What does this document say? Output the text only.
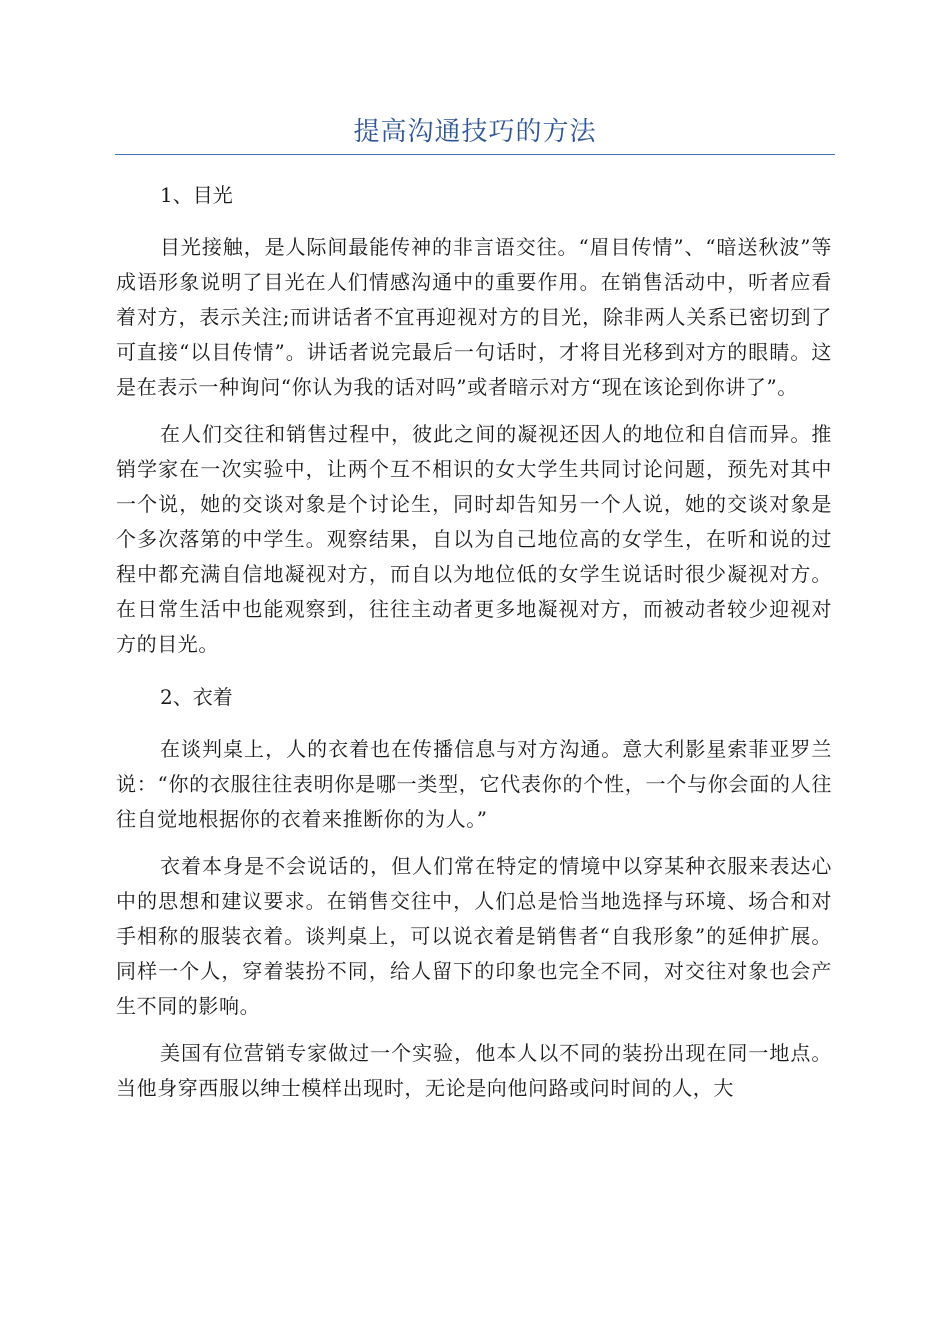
提高沟通技巧的方法
1、目光

目光接触，是人际间最能传神的非言语交往。“眉目传情”、“暗送秋波”等成语形象说明了目光在人们情感沟通中的重要作用。在销售活动中，听者应看着对方，表示关注;而讲话者不宜再迎视对方的目光，除非两人关系已密切到了可直接“以目传情”。讲话者说完最后一句话时，才将目光移到对方的眼睛。这是在表示一种询问“你认为我的话对吗”或者暗示对方“现在该论到你讲了”。

在人们交往和销售过程中，彼此之间的凝视还因人的地位和自信而异。推销学家在一次实验中，让两个互不相识的女大学生共同讨论问题，预先对其中一个说，她的交谈对象是个讨论生，同时却告知另一个人说，她的交谈对象是个多次落第的中学生。观察结果，自以为自己地位高的女学生，在听和说的过程中都充满自信地凝视对方，而自以为地位低的女学生说话时很少凝视对方。在日常生活中也能观察到，往往主动者更多地凝视对方，而被动者较少迎视对方的目光。

2、衣着

在谈判桌上，人的衣着也在传播信息与对方沟通。意大利影星索菲亚罗兰说：“你的衣服往往表明你是哪一类型，它代表你的个性，一个与你会面的人往往自觉地根据你的衣着来推断你的为人。”

衣着本身是不会说话的，但人们常在特定的情境中以穿某种衣服来表达心中的思想和建议要求。在销售交往中，人们总是恰当地选择与环境、场合和对手相称的服装衣着。谈判桌上，可以说衣着是销售者“自我形象”的延伸扩展。同样一个人，穿着装扮不同，给人留下的印象也完全不同，对交往对象也会产生不同的影响。

美国有位营销专家做过一个实验，他本人以不同的装扮出现在同一地点。当他身穿西服以绅士模样出现时，无论是向他问路或问时间的人，大
